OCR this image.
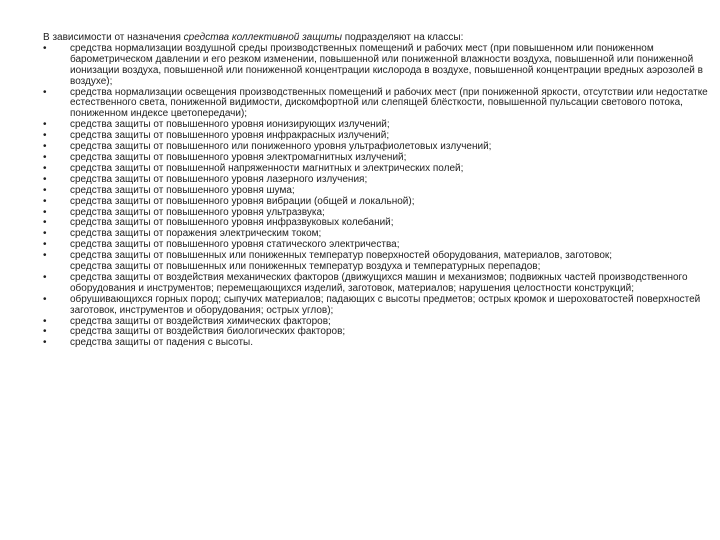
В зависимости от назначения средства коллективной защиты подразделяют на классы:

• средства нормализации воздушной среды производственных помещений и рабочих мест (при повышенном или пониженном барометрическом давлении и его резком изменении, повышенной или пониженной влажности воздуха, повышенной или пониженной ионизации воздуха, повышенной или пониженной концентрации кислорода в воздухе, повышенной концентрации вредных аэрозолей в воздухе);
• средства нормализации освещения производственных помещений и рабочих мест (при пониженной яркости, отсутствии или недостатке естественного света, пониженной видимости, дискомфортной или слепящей блёсткости, повышенной пульсации светового потока, пониженном индексе цветопередачи);
• средства защиты от повышенного уровня ионизирующих излучений;
• средства защиты от повышенного уровня инфракрасных излучений;
• средства защиты от повышенного или пониженного уровня ультрафиолетовых излучений;
• средства защиты от повышенного уровня электромагнитных излучений;
• средства защиты от повышенной напряженности магнитных и электрических полей;
• средства защиты от повышенного уровня лазерного излучения;
• средства защиты от повышенного уровня шума;
• средства защиты от повышенного уровня вибрации (общей и локальной);
• средства защиты от повышенного уровня ультразвука;
• средства защиты от повышенного уровня инфразвуковых колебаний;
• средства защиты от поражения электрическим током;
• средства защиты от повышенного уровня статического электричества;
• средства защиты от повышенных или пониженных температур поверхностей оборудования, материалов, заготовок;
средства защиты от повышенных или пониженных температур воздуха и температурных перепадов;
• средства защиты от воздействия механических факторов (движущихся машин и механизмов; подвижных частей производственного оборудования и инструментов; перемещающихся изделий, заготовок, материалов; нарушения целостности конструкций;
• обрушивающихся горных пород; сыпучих материалов; падающих с высоты предметов; острых кромок и шероховатостей поверхностей заготовок, инструментов и оборудования; острых углов);
• средства защиты от воздействия химических факторов;
• средства защиты от воздействия биологических факторов;
• средства защиты от падения с высоты.
